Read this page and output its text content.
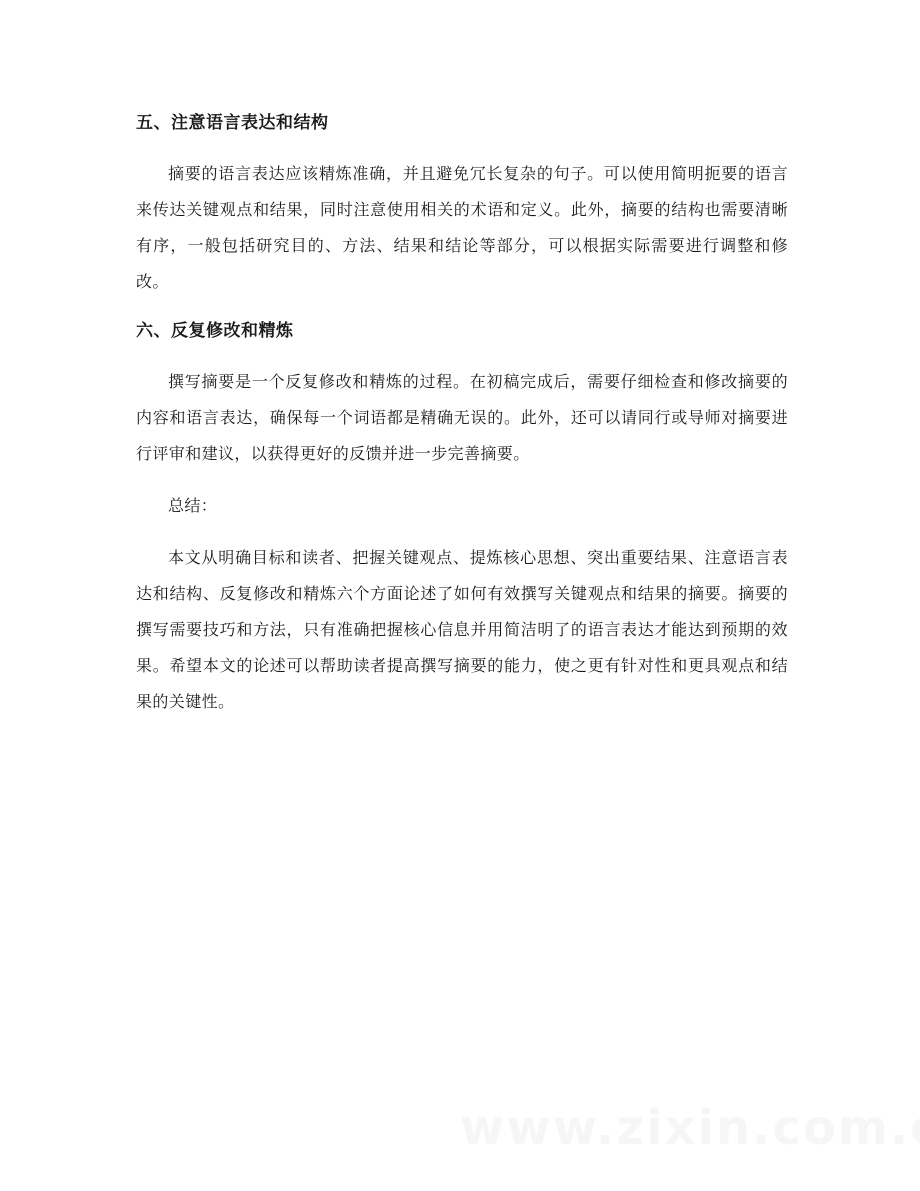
五、注意语言表达和结构

摘要的语言表达应该精炼准确，并且避免冗长复杂的句子。可以使用简明扼要的语言来传达关键观点和结果，同时注意使用相关的术语和定义。此外，摘要的结构也需要清晰有序，一般包括研究目的、方法、结果和结论等部分，可以根据实际需要进行调整和修改。

六、反复修改和精炼

撰写摘要是一个反复修改和精炼的过程。在初稿完成后，需要仔细检查和修改摘要的内容和语言表达，确保每一个词语都是精确无误的。此外，还可以请同行或导师对摘要进行评审和建议，以获得更好的反馈并进一步完善摘要。

总结：

本文从明确目标和读者、把握关键观点、提炼核心思想、突出重要结果、注意语言表达和结构、反复修改和精炼六个方面论述了如何有效撰写关键观点和结果的摘要。摘要的撰写需要技巧和方法，只有准确把握核心信息并用简洁明了的语言表达才能达到预期的效果。希望本文的论述可以帮助读者提高撰写摘要的能力，使之更有针对性和更具观点和结果的关键性。
